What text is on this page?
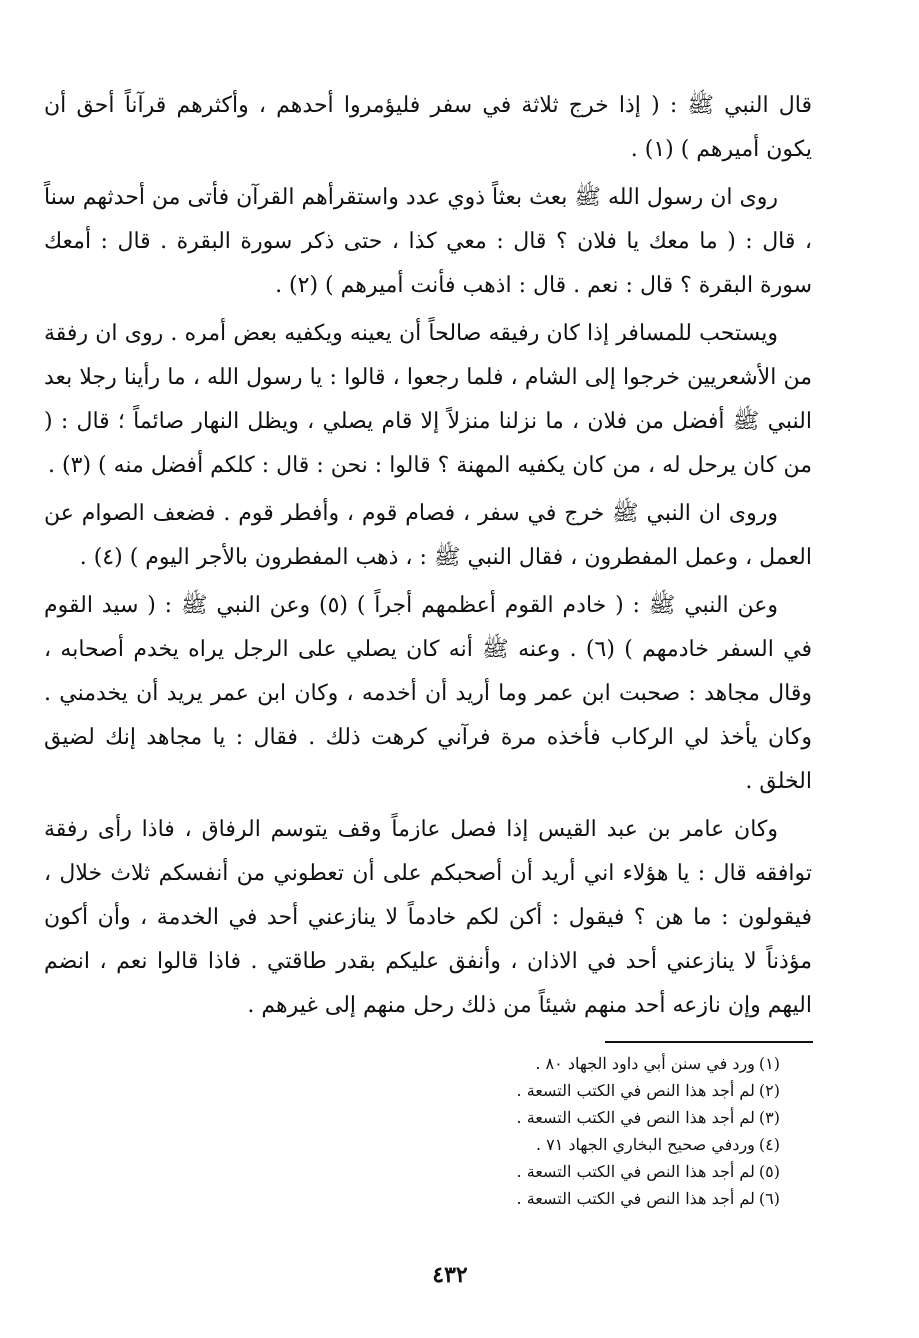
قال النبي ﷺ : ( إذا خرج ثلاثة في سفر فليؤمروا أحدهم ، وأكثرهم قرآناً أحق أن يكون أميرهم ) (١) .

روى ان رسول الله ﷺ بعث بعثاً ذوي عدد واستقرأهم القرآن فأتى من أحدثهم سناً ، قال : ( ما معك يا فلان ؟ قال : معي كذا ، حتى ذكر سورة البقرة . قال : أمعك سورة البقرة ؟ قال : نعم . قال : اذهب فأنت أميرهم ) (٢) .

ويستحب للمسافر إذا كان رفيقه صالحاً أن يعينه ويكفيه بعض أمره . روى ان رفقة من الأشعريين خرجوا إلى الشام ، فلما رجعوا ، قالوا : يا رسول الله ، ما رأينا رجلا بعد النبي ﷺ أفضل من فلان ، ما نزلنا منزلاً إلا قام يصلي ، ويظل النهار صائماً ؛ قال : ( من كان يرحل له ، من كان يكفيه المهنة ؟ قالوا : نحن : قال : كلكم أفضل منه ) (٣) .

وروى ان النبي ﷺ خرج في سفر ، فصام قوم ، وأفطر قوم . فضعف الصوام عن العمل ، وعمل المفطرون ، فقال النبي ﷺ : ، ذهب المفطرون بالأجر اليوم ) (٤) .

وعن النبي ﷺ : ( خادم القوم أعظمهم أجراً ) (٥) وعن النبي ﷺ : ( سيد القوم في السفر خادمهم ) (٦) . وعنه ﷺ أنه كان يصلي على الرجل يراه يخدم أصحابه ، وقال مجاهد : صحبت ابن عمر وما أريد أن أخدمه ، وكان ابن عمر يريد أن يخدمني . وكان يأخذ لي الركاب فأخذه مرة فرآني كرهت ذلك . فقال : يا مجاهد إنك لضيق الخلق .

وكان عامر بن عبد القيس إذا فصل عازماً وقف يتوسم الرفاق ، فاذا رأى رفقة توافقه قال : يا هؤلاء اني أريد أن أصحبكم على أن تعطوني من أنفسكم ثلاث خلال ، فيقولون : ما هن ؟ فيقول : أكن لكم خادماً لا ينازعني أحد في الخدمة ، وأن أكون مؤذناً لا ينازعني أحد في الاذان ، وأنفق عليكم بقدر طاقتي . فاذا قالوا نعم ، انضم اليهم وإن نازعه أحد منهم شيئاً من ذلك رحل منهم إلى غيرهم .

(١)ورد في سنن أبي داود الجهاد ٨٠ .

(٢)لم أجد هذا النص في الكتب التسعة .

(٣)لم أجد هذا النص في الكتب التسعة .

(٤)وردفي صحيح البخاري الجهاد ٧١ .

(٥)لم أجد هذا النص في الكتب التسعة .

(٦)لم أجد هذا النص في الكتب التسعة .

٤٣٢
